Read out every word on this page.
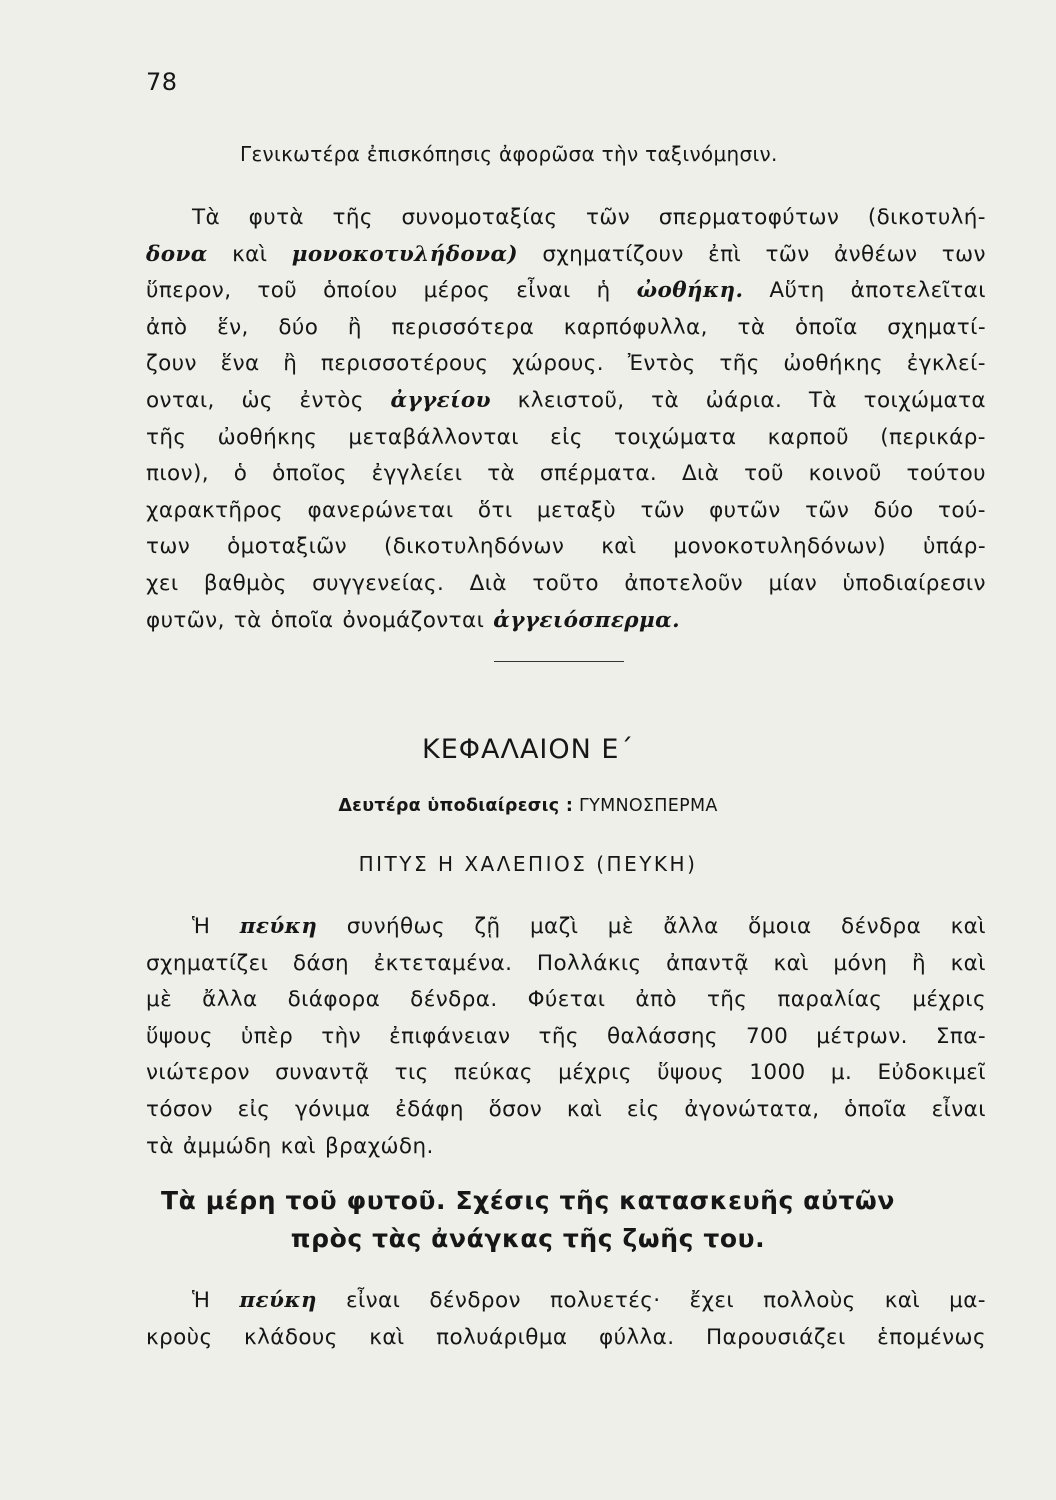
78
Γενικωτέρα ἐπισκόπησις ἀφορῶσα τὴν ταξινόμησιν.
Τὰ φυτὰ τῆς συνομοταξίας τῶν σπερματοφύτων (δικοτυλή-
δονα καὶ μονοκοτυλήδονα) σχηματίζουν ἐπὶ τῶν ἀνθέων των
ὕπερον, τοῦ ὁποίου μέρος εἶναι ἡ ὠοθήκη. Αὕτη ἀποτελεῖται
ἀπὸ ἕν, δύο ἢ περισσότερα καρπόφυλλα, τὰ ὁποῖα σχηματί-
ζουν ἕνα ἢ περισσοτέρους χώρους. Ἐντὸς τῆς ὠοθήκης ἐγκλεί-
ονται, ὡς ἐντὸς ἀγγείου κλειστοῦ, τὰ ὠάρια. Τὰ τοιχώματα
τῆς ὠοθήκης μεταβάλλονται εἰς τοιχώματα καρποῦ (περικάρ-
πιον), ὁ ὁποῖος ἐγγλείει τὰ σπέρματα. Διὰ τοῦ κοινοῦ τούτου
χαρακτῆρος φανερώνεται ὅτι μεταξὺ τῶν φυτῶν τῶν δύο τού-
των ὁμοταξιῶν (δικοτυληδόνων καὶ μονοκοτυληδόνων) ὑπάρ-
χει βαθμὸς συγγενείας. Διὰ τοῦτο ἀποτελοῦν μίαν ὑποδιαίρεσιν
φυτῶν, τὰ ὁποῖα ὀνομάζονται ἀγγειόσπερμα.
ΚΕΦΑΛΑΙΟΝ Ε΄
Δευτέρα ὑποδιαίρεσις : ΓΥΜΝΟΣΠΕΡΜΑ
ΠΙΤΥΣ Η ΧΑΛΕΠΙΟΣ (ΠΕΥΚΗ)
Ἡ πεύκη συνήθως ζῇ μαζὶ μὲ ἄλλα ὅμοια δένδρα καὶ
σχηματίζει δάση ἐκτεταμένα. Πολλάκις ἀπαντᾷ καὶ μόνη ἢ καὶ
μὲ ἄλλα διάφορα δένδρα. Φύεται ἀπὸ τῆς παραλίας μέχρις
ὕψους ὑπὲρ τὴν ἐπιφάνειαν τῆς θαλάσσης 700 μέτρων. Σπα-
νιώτερον συναντᾷ τις πεύκας μέχρις ὕψους 1000 μ. Εὐδοκιμεῖ
τόσον εἰς γόνιμα ἐδάφη ὅσον καὶ εἰς ἀγονώτατα, ὁποῖα εἶναι
τὰ ἀμμώδη καὶ βραχώδη.
Τὰ μέρη τοῦ φυτοῦ. Σχέσις τῆς κατασκευῆς αὐτῶν
πρὸς τὰς ἀνάγκας τῆς ζωῆς του.
Ἡ πεύκη εἶναι δένδρον πολυετές· ἔχει πολλοὺς καὶ μα-
κροὺς κλάδους καὶ πολυάριθμα φύλλα. Παρουσιάζει ἑπομένως
